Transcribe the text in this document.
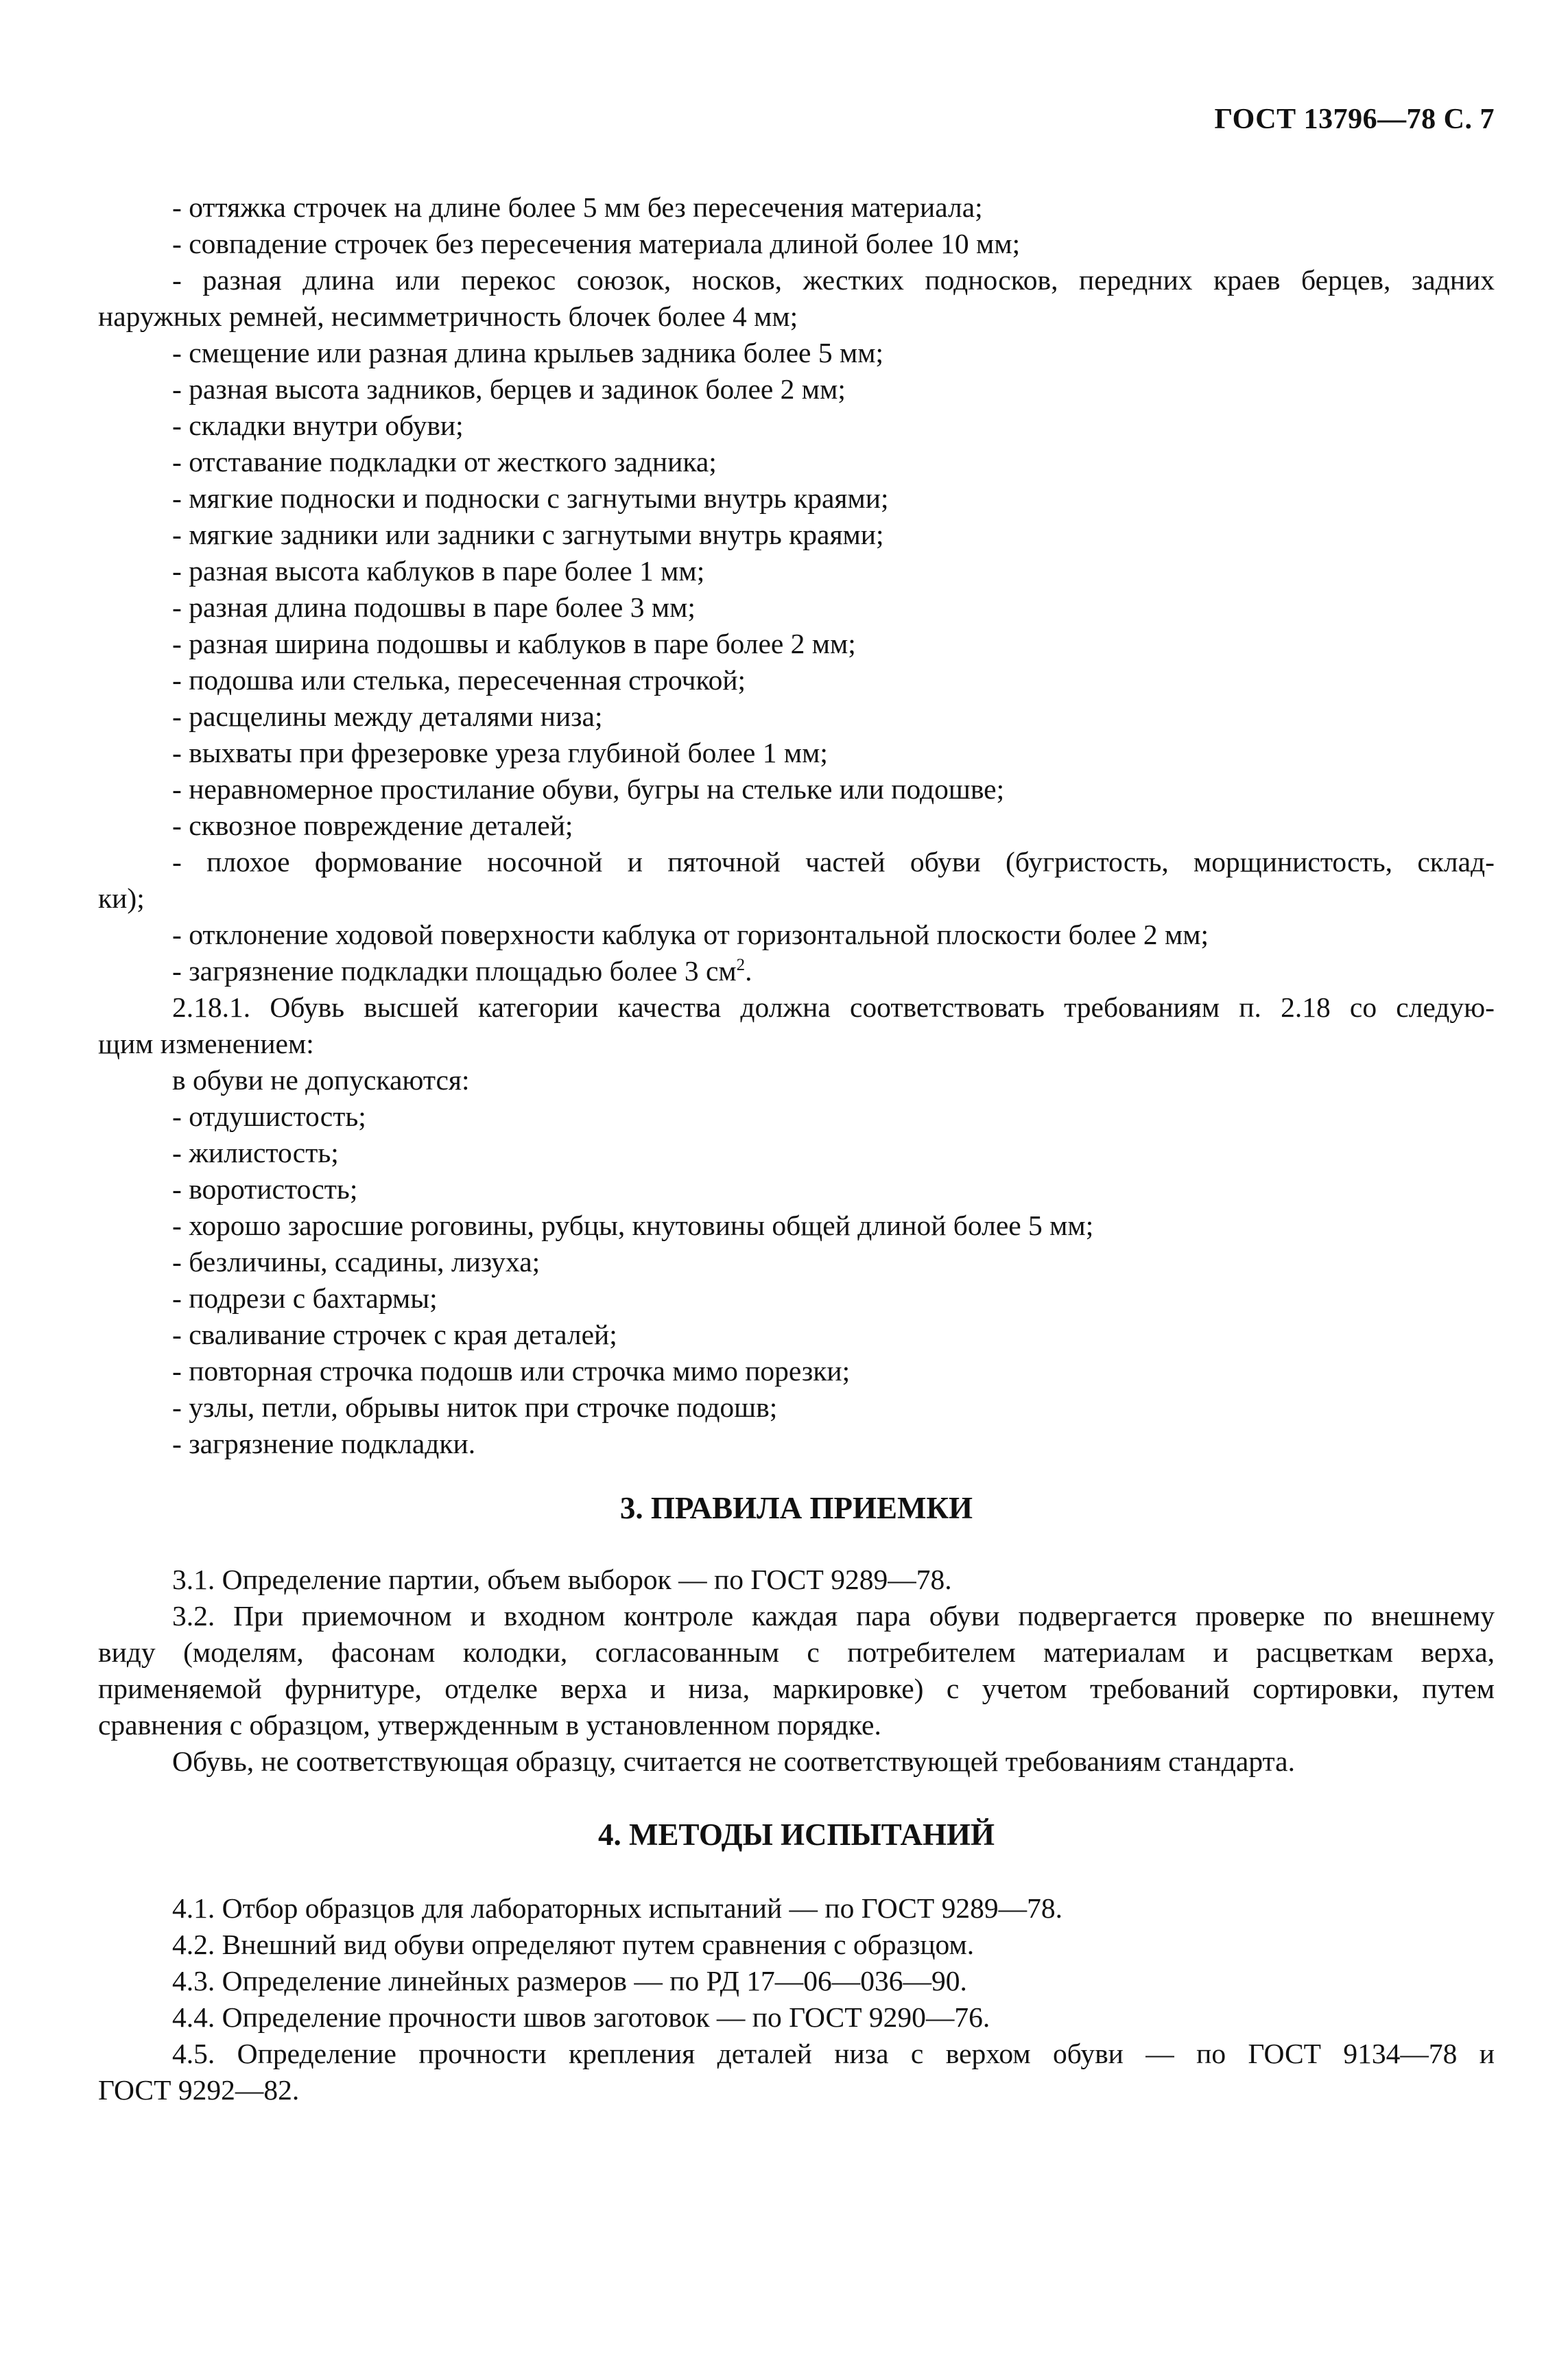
ГОСТ 13796—78 С. 7
- оттяжка строчек на длине более 5 мм без пересечения материала;
- совпадение строчек без пересечения материала длиной более 10 мм;
- разная длина или перекос союзок, носков, жестких подносков, передних краев берцев, задних
наружных ремней, несимметричность блочек более 4 мм;
- смещение или разная длина крыльев задника более 5 мм;
- разная высота задников, берцев и задинок более 2 мм;
- складки внутри обуви;
- отставание подкладки от жесткого задника;
- мягкие подноски и подноски с загнутыми внутрь краями;
- мягкие задники или задники с загнутыми внутрь краями;
- разная высота каблуков в паре более 1 мм;
- разная длина подошвы в паре более 3 мм;
- разная ширина подошвы и каблуков в паре более 2 мм;
- подошва или стелька, пересеченная строчкой;
- расщелины между деталями низа;
- выхваты при фрезеровке уреза глубиной более 1 мм;
- неравномерное простилание обуви, бугры на стельке или подошве;
- сквозное повреждение деталей;
- плохое формование носочной и пяточной частей обуви (бугристость, морщинистость, склад-
ки);
- отклонение ходовой поверхности каблука от горизонтальной плоскости более 2 мм;
- загрязнение подкладки площадью более 3 $см^2$.
2.18.1. Обувь высшей категории качества должна соответствовать требованиям п. 2.18 со следую-
щим изменением:
в обуви не допускаются:
- отдушистость;
- жилистость;
- воротистость;
- хорошо заросшие роговины, рубцы, кнутовины общей длиной более 5 мм;
- безличины, ссадины, лизуха;
- подрези с бахтармы;
- сваливание строчек с края деталей;
- повторная строчка подошв или строчка мимо порезки;
- узлы, петли, обрывы ниток при строчке подошв;
- загрязнение подкладки.
3. ПРАВИЛА ПРИЕМКИ
3.1. Определение партии, объем выборок — по ГОСТ 9289—78.
3.2. При приемочном и входном контроле каждая пара обуви подвергается проверке по внешнему
виду (моделям, фасонам колодки, согласованным с потребителем материалам и расцветкам верха,
применяемой фурнитуре, отделке верха и низа, маркировке) с учетом требований сортировки, путем
сравнения с образцом, утвержденным в установленном порядке.
Обувь, не соответствующая образцу, считается не соответствующей требованиям стандарта.
4. МЕТОДЫ ИСПЫТАНИЙ
4.1. Отбор образцов для лабораторных испытаний — по ГОСТ 9289—78.
4.2. Внешний вид обуви определяют путем сравнения с образцом.
4.3. Определение линейных размеров — по РД 17—06—036—90.
4.4. Определение прочности швов заготовок — по ГОСТ 9290—76.
4.5. Определение прочности крепления деталей низа с верхом обуви — по ГОСТ 9134—78 и
ГОСТ 9292—82.
